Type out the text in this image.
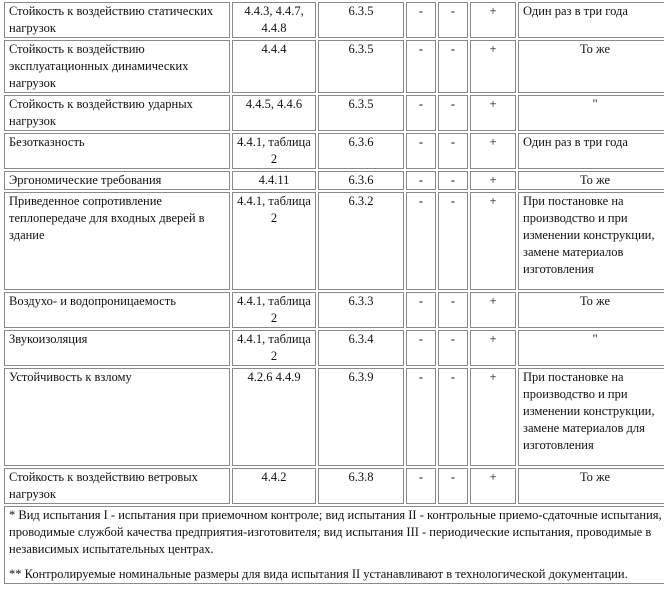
Стойкость к воздействию статических нагрузок	4.4.3, 4.4.7, 4.4.8	6.3.5	-	-	+	Один раз в три года
Стойкость к воздействию эксплуатационных динамических нагрузок	4.4.4	6.3.5	-	-	+	То же
Стойкость к воздействию ударных нагрузок	4.4.5, 4.4.6	6.3.5	-	-	+	"
Безотказность	4.4.1, таблица 2	6.3.6	-	-	+	Один раз в три года
Эргономические требования	4.4.11	6.3.6	-	-	+	То же
Приведенное сопротивление теплопередаче для входных дверей в здание	4.4.1, таблица 2	6.3.2	-	-	+	При постановке на производство и при изменении конструкции, замене материалов изготовления
Воздухо- и водопроницаемость	4.4.1, таблица 2	6.3.3	-	-	+	То же
Звукоизоляция	4.4.1, таблица 2	6.3.4	-	-	+	"
Устойчивость к взлому	4.2.6 4.4.9	6.3.9	-	-	+	При постановке на производство и при изменении конструкции, замене материалов для изготовления
Стойкость к воздействию ветровых нагрузок	4.4.2	6.3.8	-	-	+	То же

* Вид испытания I - испытания при приемочном контроле; вид испытания II - контрольные приемо-сдаточные испытания, проводимые службой качества предприятия-изготовителя; вид испытания III - периодические испытания, проводимые в независимых испытательных центрах.

** Контролируемые номинальные размеры для вида испытания II устанавливают в технологической документации.						
